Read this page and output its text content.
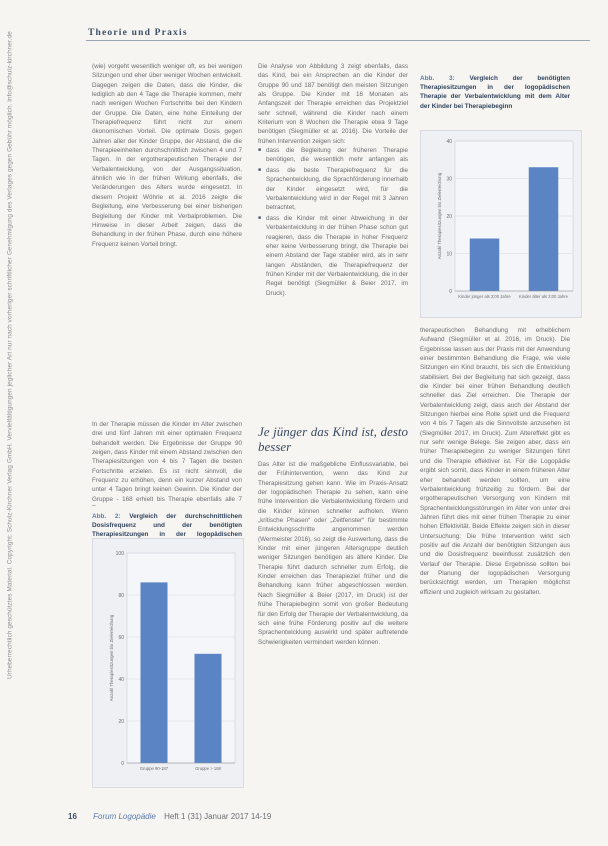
Theorie und Praxis
Urheberrechtlich geschütztes Material. Copyright: Schulz-Kirchner Verlag GmbH. Vervielfältigungen jeglicher Art nur nach vorheriger schriftlicher Genehmigung des Verlages gegen Gebühr möglich. info@schulz-kirchner.de	(wie) vorgeht wesentlich weniger oft, es bei wenigen Sitzungen und eher über weniger Wochen entwickelt. Dagegen zeigen die Daten, dass die Kinder, die lediglich ab den 4 Tage die Therapie kommen, mehr nach wenigen Wochen Fortschritte bei den Kindern der Gruppe. Die Daten, eine hohe Einteilung der Therapiefrequenz führt nicht zur einem ökonomischen Vorteil. Die optimale Dosis gegen Jahren aller der Kinder Gruppe, der Abstand, die die Therapieeinheiten durchschnittlich zwischen 4 und 7 Tagen. In der ergotherapeutischen Therapie der Verbalentwicklung, von der Ausgangssituation, ähnlich wie in der frühen Wirkung ebenfalls, die Veränderungen des Alters wurde eingesetzt. In diesem Projekt Wöhrle et al. 2016 zeigte die Begleitung, eine Verbesserung bei einer bisherigen Begleitung der Kinder mit Verbalproblemen. Die Hinweise in dieser Arbeit zeigen, dass die Behandlung in der frühen Phase, durch eine höhere Frequenz keinen Vorteil bringt.

In der Therapie müssen die Kinder im Alter zwischen drei und fünf Jahren mit einer optimalen Frequenz behandelt werden. Die Ergebnisse der Gruppe 90 zeigen, dass Kinder mit einem Abstand zwischen den Therapiesitzungen von 4 bis 7 Tagen die besten Fortschritte erzielen. Es ist nicht sinnvoll, die Frequenz zu erhöhen, denn ein kurzer Abstand von unter 4 Tagen bringt keinen Gewinn. Die Kinder der Gruppe - 168 erhielt bis Therapie ebenfalls alle 7

Abb. 2: Vergleich der durchschnittlichen Dosisfrequenz und der benötigten Therapiesitzungen in der logopädischen
0
20
40
60
80
100
Anzahl Therapiesitzungen bis Zielerreichung
Gruppe 90-187	Gruppe > 168

Die Analyse von Abbildung 3 zeigt ebenfalls, dass das Kind, bei ein Ansprechen an die Kinder der Gruppe 90 und 187 benötigt den meisten Sitzungen als Gruppe. Die Kinder mit 16 Monaten als Anfangszeit der Therapie erreichen das Projektziel sehr schnell, während die Kinder nach einem Kriterium von 8 Wochen die Therapie etwa 9 Tage benötigen (Siegmüller et al. 2016). Die Vorteile der frühen Intervention zeigen sich:

■ dass die Begleitung der früheren Therapie benötigen, die wesentlich mehr anfangen als
■ dass die beste Therapiefrequenz für die Sprachentwicklung, die Sprachförderung innerhalb der Kinder eingesetzt wird, für die Verbalentwicklung wird in der Regel mit 3 Jahren betrachtet,
■ dass die Kinder mit einer Abweichung in der Verbalentwicklung in der frühen Phase schon gut reagieren, dass die Therapie in hoher Frequenz eher keine Verbesserung bringt, die Therapie bei einem Abstand der Tage stabiler wird, als in sehr langen Abständen, die Therapiefrequenz der frühen Kinder mit der Verbalentwicklung, die in der Regel benötigt (Siegmüller & Beier 2017, im Druck).
Je jünger das Kind ist, desto besser

Das Alter ist die maßgebliche Einflussvariable, bei der Frühintervention, wenn das Kind zur Therapiesitzung gehen kann. Wie im Praxis-Ansatz der logopädischen Therapie zu sehen, kann eine frühe Intervention die Verbalentwicklung fördern und die Kinder können schneller aufholen. Wenn „kritische Phasen“ oder „Zeitfenster“ für bestimmte Entwicklungsschritte angenommen werden (Wermeister 2016), so zeigt die Auswertung, dass die Kinder mit einer jüngeren Altersgruppe deutlich weniger Sitzungen benötigen als ältere Kinder. Die Therapie führt dadurch schneller zum Erfolg, die Kinder erreichen das Therapieziel früher und die Behandlung kann früher abgeschlossen werden. Nach Siegmüller & Beier (2017, im Druck) ist der frühe Therapiebeginn somit von großer Bedeutung für den Erfolg der Therapie der Verbalentwicklung, da sich eine frühe Förderung positiv auf die weitere Sprachentwicklung auswirkt und später auftretende Schwierigkeiten vermindert werden können.

Abb. 3: Vergleich der benötigten Therapiesitzungen in der logopädischen Therapie der Verbalentwicklung mit dem Alter der Kinder bei Therapiebeginn
0
10
20
30
40
Anzahl Therapiesitzungen bis Zielerreichung
Kinder jünger als 3;00 Jahre Kinder älter als 3;00 Jahre

therapeutischen Behandlung mit erheblichem Aufwand (Siegmüller et al. 2016, im Druck). Die Ergebnisse lassen aus der Praxis mit der Anwendung einer bestimmten Behandlung die Frage, wie viele Sitzungen ein Kind braucht, bis sich die Entwicklung stabilisiert. Bei der Begleitung hat sich gezeigt, dass die Kinder bei einer frühen Behandlung deutlich schneller das Ziel erreichen. Die Therapie der Verbalentwicklung zeigt, dass auch der Abstand der Sitzungen hierbei eine Rolle spielt und die Frequenz von 4 bis 7 Tagen als die Sinnvollste anzusehen ist (Siegmüller 2017, im Druck). Zum Altereffekt gibt es nur sehr wenige Belege. Sie zeigen aber, dass ein früher Therapiebeginn zu weniger Sitzungen führt und die Therapie effektiver ist. Für die Logopädie ergibt sich somit, dass Kinder in einem früheren Alter eher behandelt werden sollten, um eine Verbalentwicklung frühzeitig zu fördern. Bei der ergotherapeutischen Versorgung von Kindern mit Sprachentwicklungsstörungen im Alter von unter drei Jahren führt dies mit einer frühen Therapie zu einer hohen Effektivität. Beide Effekte zeigen sich in dieser Untersuchung: Die frühe Intervention wirkt sich positiv auf die Anzahl der benötigten Sitzungen aus und die Dosisfrequenz beeinflusst zusätzlich den Verlauf der Therapie. Diese Ergebnisse sollten bei der Planung der logopädischen Versorgung berücksichtigt werden, um Therapien möglichst effizient und zugleich wirksam zu gestalten.

16 Forum Logopädie Heft 1 (31) Januar 2017 14-19
